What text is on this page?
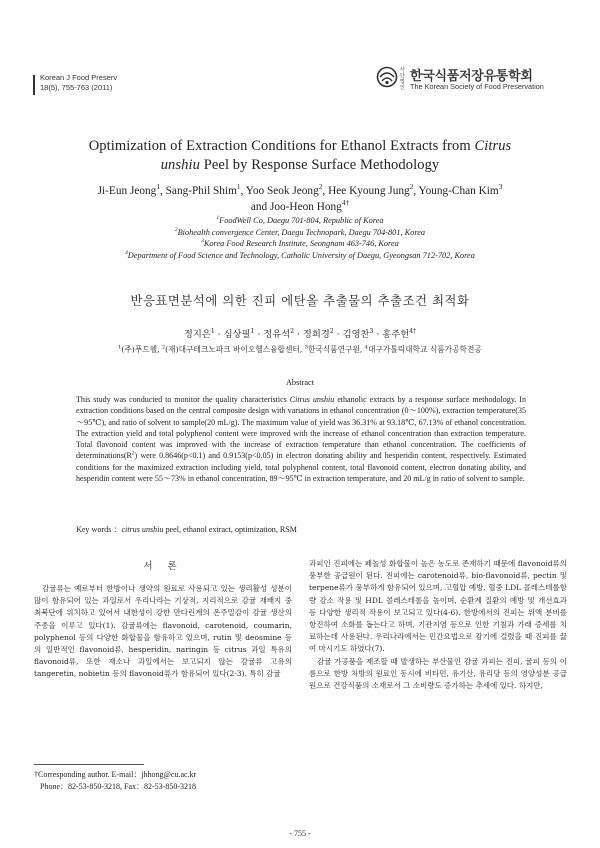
Korean J Food Preserv
18(5), 755-763 (2011)
사단법인
한국식품저장유통학회
The Korean Society of Food Preservation
Optimization of Extraction Conditions for Ethanol Extracts from Citrus
unshiu Peel by Response Surface Methodology
Ji-Eun Jeong$^1$, Sang-Phil Shim$^1$, Yoo Seok Jeong$^2$, Hee Kyoung Jung$^2$, Young-Chan Kim$^3$
and Joo-Heon Hong$^{4\dagger}$
$^1$FoodWell Co, Daegu 701-804, Republic of Korea
$^2$Biohealth convergence Center, Daegu Technopark, Daegu 704-801, Korea
$^3$Korea Food Research Institute, Seongnam 463-746, Korea
$^4$Department of Food Science and Technology, Catholic University of Daegu, Gyeongsan 712-702, Korea
반응표면분석에 의한 진피 에탄올 추출물의 추출조건 최적화
정지은$^1$ · 심상필$^1$ · 정유석$^2$ · 정희경$^2$ · 김영찬$^3$ · 홍주헌$^{4\dagger}$
$^1$(주)푸드웰, $^2$(재)대구테크노파크 바이오헬스융합센터, $^3$한국식품연구원, $^4$대구가톨릭대학교 식품가공학전공
Abstract
This study was conducted to monitor the quality characteristics Citrus unshiu ethanolic extracts by a response surface methodology. In extraction conditions based on the central composite design with variations in ethanol concentration (0～100%), extraction temperature(35～95℃), and ratio of solvent to sample(20 mL/g). The maximum value of yield was 36.31% at 93.18℃, 67.13% of ethanol concentration. The extraction yield and total polyphenol content were improved with the increase of ethanol concentration than extraction temperature. Total flavonoid content was improved with the increase of extraction temperature than ethanol concentration. The coefficients of $determinations(R^2)$ were 0.8646(p<0.1) and 0.9153(p<0.05) in electron donating ability and hesperidin content, respectively. Estimated conditions for the maximized extraction including yield, total polyphenol content, total flavonoid content, electron donating ability, and hesperidin content were 55～73% in ethanol concentration, 89～95℃ in extraction temperature, and 20 mL/g in ratio of solvent to sample.
Key words ：citrus unshiu peel, ethanol extract, optimization, RSM
서 론

감귤류는 예로부터 한방이나 생약의 원료로 사용되고 있는 생리활성 성분이 많이 함유되어 있는 과일로서 우리나라는 기상적, 지리적으로 감귤 재배지 중 최북단에 위치하고 있어서 내한성이 강한 만다린계의 온주밀감이 감귤 생산의 주종을 이루고 있다(1). 감귤류에는 flavonoid, carotenoid, coumarin, polyphenol 등의 다양한 화합물을 함유하고 있으며, rutin 및 deosmine 등의 일반적인 flavonoid류, hesperidin, naringin 등 citrus 과일 특유의 flavonoid류, 또한 재소나 과일에서는 보고되지 않는 감귤류 고유의 tangeretin, nobietin 등의 flavonoid류가 함유되어 있다(2-3). 특히 감귤

과피인 진피에는 페놀성 화합물이 높은 농도로 존재하기 때문에 flavonoid류의 풍부한 공급원이 된다. 진피에는 carotenoid류, bio-flavonoid류, pectin 및 terpene류가 풍부하게 함유되어 있으며, 고혈압 예방, 혈중 LDL 콜레스테롤함량 감소 작용 및 HDL 콜레스테롤을 높이며, 순환계 질환의 예방 및 개선효과 등 다양한 생리적 작용이 보고되고 있다(4-6). 한방에서의 진피는 위액 분비를 항진하여 소화를 돕는다고 하며, 기관지염 등으로 인한 기침과 가래 증세를 치료하는데 사용된다. 우리나라에서는 민간요법으로 감기에 걸렸을 때 진피를 끓여 마시기도 하였다(7).

감귤 가공품을 제조할 때 발생하는 부산물인 감귤 과피는 진피, 귤피 등의 이름으로 한방 처방의 원료인 동시에 비타민, 유기산, 유리당 등의 영양성분 공급원으로 건강식품의 소재로서 그 소비량도 증가하는 추세에 있다. 하지만,

†Corresponding author. E-mail：jhhong@cu.ac.kr
Phone：82-53-850-3218, Fax：82-53-850-3218
- 755 -
